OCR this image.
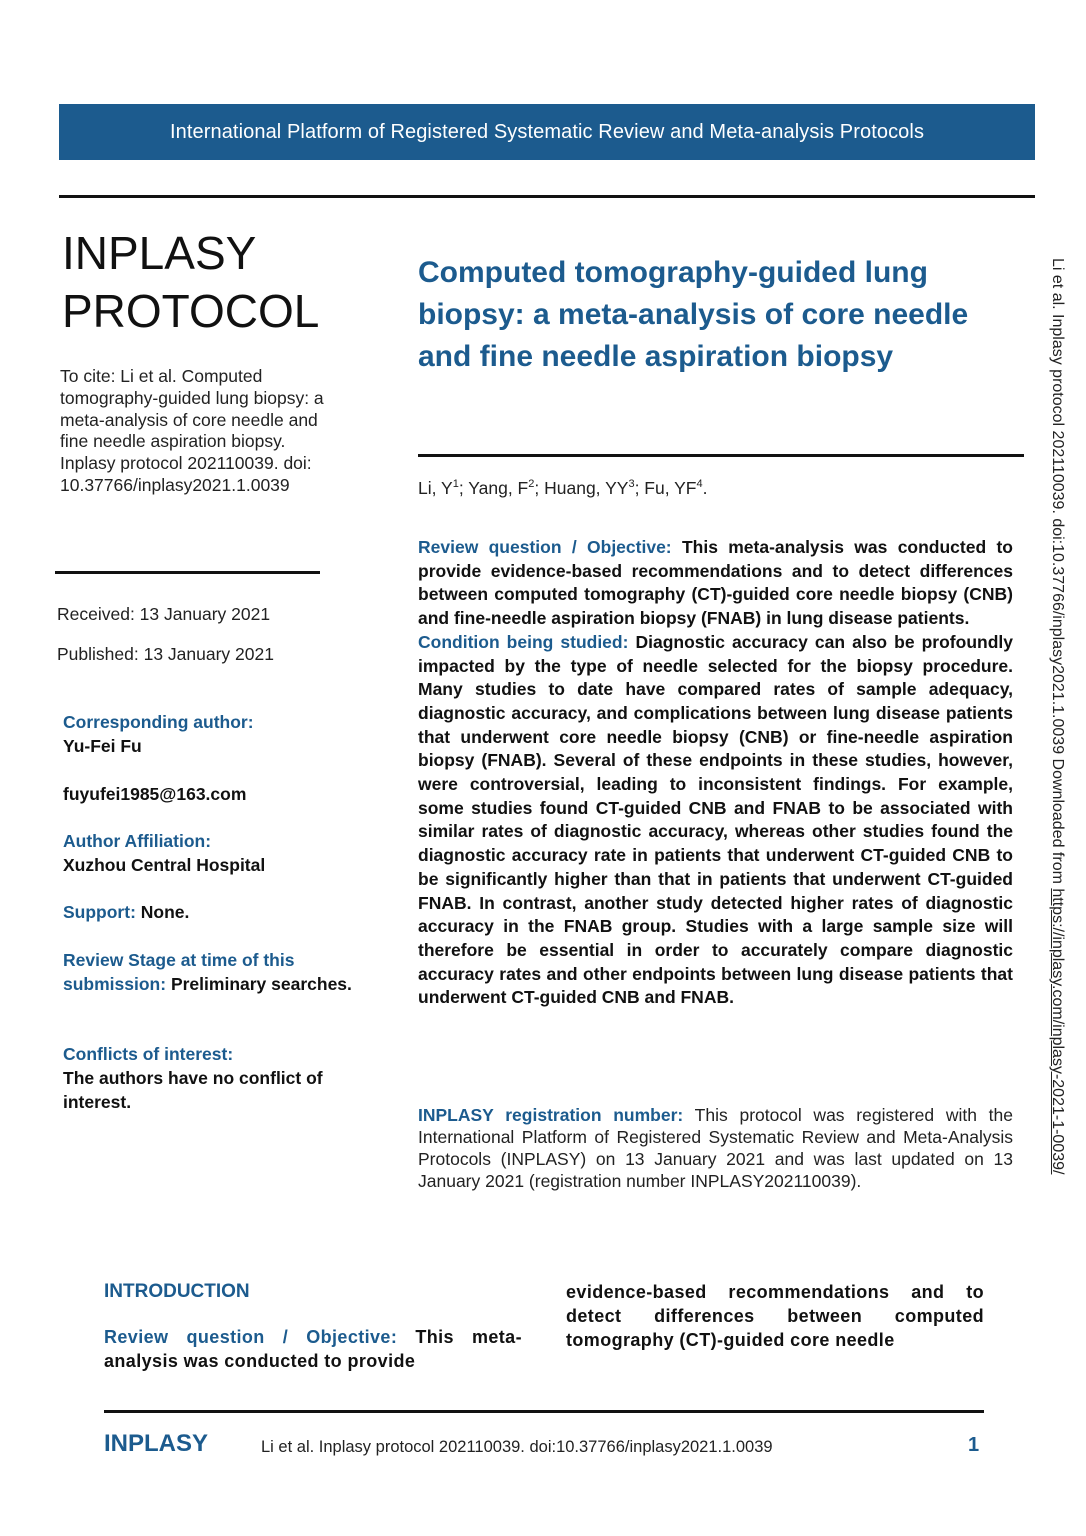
International Platform of Registered Systematic Review and Meta-analysis Protocols
INPLASY
PROTOCOL
To cite: Li et al. Computed tomography-guided lung biopsy: a meta-analysis of core needle and fine needle aspiration biopsy. Inplasy protocol 202110039. doi: 10.37766/inplasy2021.1.0039
Received: 13 January 2021
Published: 13 January 2021
Corresponding author:
Yu-Fei Fu
fuyufei1985@163.com
Author Affiliation:
Xuzhou Central Hospital
Support: None.
Review Stage at time of this submission: Preliminary searches.
Conflicts of interest:
The authors have no conflict of interest.
Computed tomography-guided lung biopsy: a meta-analysis of core needle and fine needle aspiration biopsy
Li, $Y^1$; Yang, $F^2$; Huang, $YY^3$; Fu, $YF^4$.

Review question / Objective: This meta-analysis was conducted to provide evidence-based recommendations and to detect differences between computed tomography (CT)-guided core needle biopsy (CNB) and fine-needle aspiration biopsy (FNAB) in lung disease patients.

Condition being studied: Diagnostic accuracy can also be profoundly impacted by the type of needle selected for the biopsy procedure. Many studies to date have compared rates of sample adequacy, diagnostic accuracy, and complications between lung disease patients that underwent core needle biopsy (CNB) or fine-needle aspiration biopsy (FNAB). Several of these endpoints in these studies, however, were controversial, leading to inconsistent findings. For example, some studies found CT-guided CNB and FNAB to be associated with similar rates of diagnostic accuracy, whereas other studies found the diagnostic accuracy rate in patients that underwent CT-guided CNB to be significantly higher than that in patients that underwent CT-guided FNAB. In contrast, another study detected higher rates of diagnostic accuracy in the FNAB group. Studies with a large sample size will therefore be essential in order to accurately compare diagnostic accuracy rates and other endpoints between lung disease patients that underwent CT-guided CNB and FNAB.

INPLASY registration number: This protocol was registered with the International Platform of Registered Systematic Review and Meta-Analysis Protocols (INPLASY) on 13 January 2021 and was last updated on 13 January 2021 (registration number INPLASY202110039).
INTRODUCTION
Review question / Objective: This meta-analysis was conducted to provide
evidence-based recommendations and to detect differences between computed tomography (CT)-guided core needle
INPLASY	Li et al. Inplasy protocol 202110039. doi:10.37766/inplasy2021.1.0039	1
Li et al. Inplasy protocol 202110039. doi:10.37766/inplasy2021.1.0039 Downloaded from https://inplasy.com/inplasy-2021-1-0039/
